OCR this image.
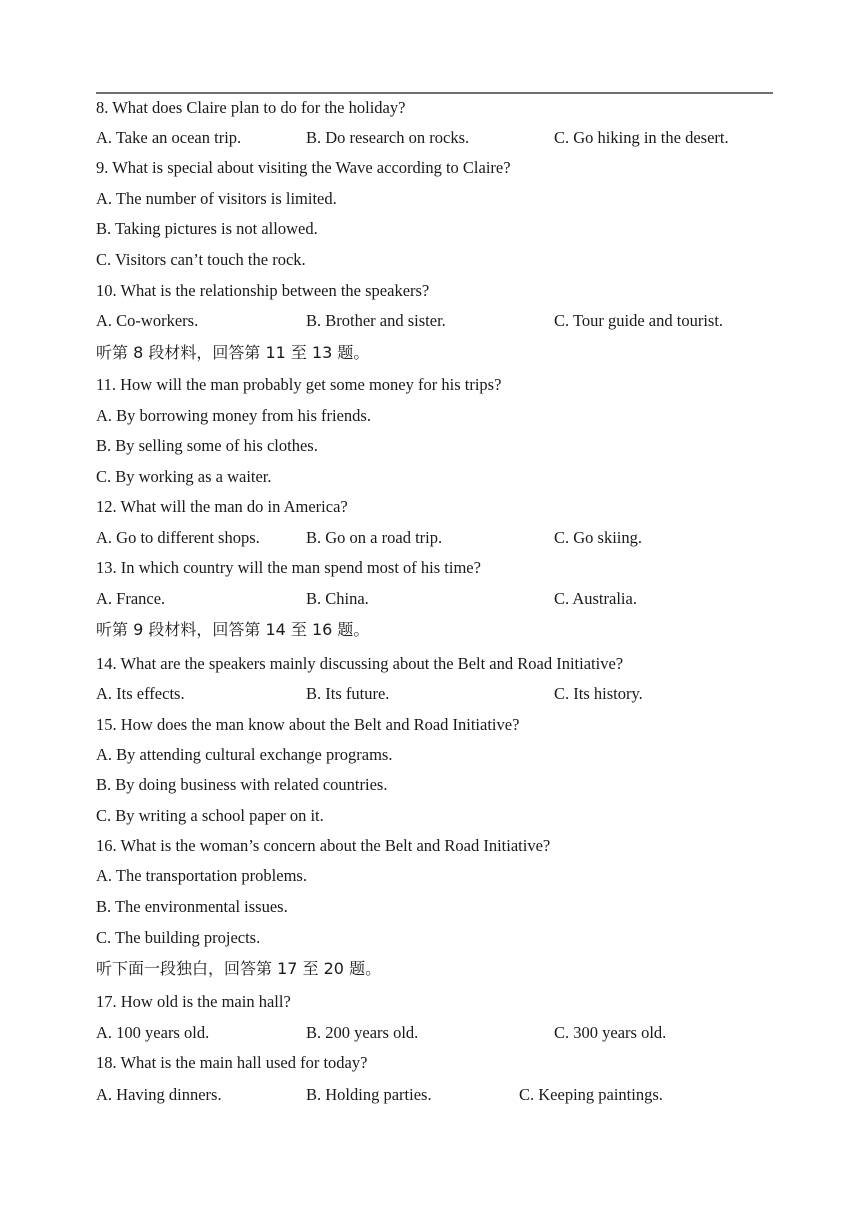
8. What does Claire plan to do for the holiday?
A. Take an ocean trip.	B. Do research on rocks.	C. Go hiking in the desert.
9. What is special about visiting the Wave according to Claire?
A. The number of visitors is limited.
B. Taking pictures is not allowed.
C. Visitors can’t touch the rock.
10. What is the relationship between the speakers?
A. Co-workers.	B. Brother and sister.	C. Tour guide and tourist.
听第 8 段材料，回答第 11 至 13 题。
11. How will the man probably get some money for his trips?
A. By borrowing money from his friends.
B. By selling some of his clothes.
C. By working as a waiter.
12. What will the man do in America?
A. Go to different shops.	B. Go on a road trip.	C. Go skiing.
13. In which country will the man spend most of his time?
A. France.	B. China.	C. Australia.
听第 9 段材料，回答第 14 至 16 题。
14. What are the speakers mainly discussing about the Belt and Road Initiative?
A. Its effects.	B. Its future.	C. Its history.
15. How does the man know about the Belt and Road Initiative?
A. By attending cultural exchange programs.
B. By doing business with related countries.
C. By writing a school paper on it.
16. What is the woman’s concern about the Belt and Road Initiative?
A. The transportation problems.
B. The environmental issues.
C. The building projects.
听下面一段独白，回答第 17 至 20 题。
17. How old is the main hall?
A. 100 years old.	B. 200 years old.	C. 300 years old.
18. What is the main hall used for today?
A. Having dinners.	B. Holding parties.	C. Keeping paintings.
